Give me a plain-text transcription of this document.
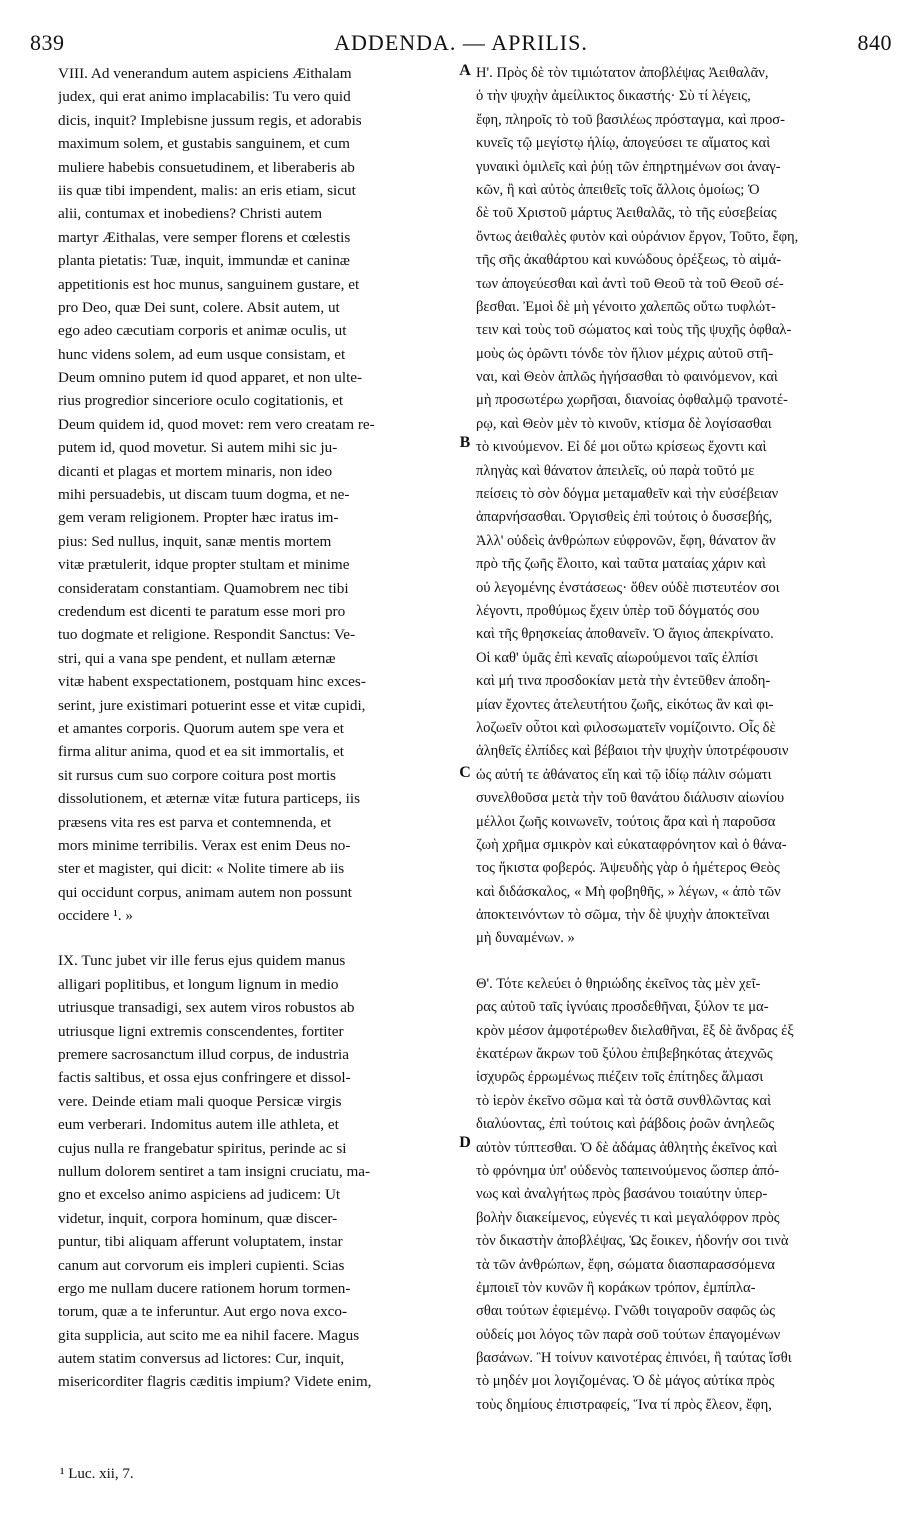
839	ADDENDA. — APRILIS.	840
VIII. Ad venerandum autem aspiciens Æithalam
judex, qui erat animo implacabilis: Tu vero quid
dicis, inquit? Implebisne jussum regis, et adorabis
maximum solem, et gustabis sanguinem, et cum
muliere habebis consuetudinem, et liberaberis ab
iis quæ tibi impendent, malis: an eris etiam, sicut
alii, contumax et inobediens? Christi autem
martyr Æithalas, vere semper florens et cœlestis
planta pietatis: Tuæ, inquit, immundæ et caninæ
appetitionis est hoc munus, sanguinem gustare, et
pro Deo, quæ Dei sunt, colere. Absit autem, ut
ego adeo cæcutiam corporis et animæ oculis, ut
hunc videns solem, ad eum usque consistam, et
Deum omnino putem id quod apparet, et non ulte-
rius progredior sinceriore oculo cogitationis, et
Deum quidem id, quod movet: rem vero creatam re-
putem id, quod movetur. Si autem mihi sic ju-
dicanti et plagas et mortem minaris, non ideo
mihi persuadebis, ut discam tuum dogma, et ne-
gem veram religionem. Propter hæc iratus im-
pius: Sed nullus, inquit, sanæ mentis mortem
vitæ prætulerit, idque propter stultam et minime
consideratam constantiam. Quamobrem nec tibi
credendum est dicenti te paratum esse mori pro
tuo dogmate et religione. Respondit Sanctus: Ve-
stri, qui a vana spe pendent, et nullam æternæ
vitæ habent exspectationem, postquam hinc exces-
serint, jure existimari potuerint esse et vitæ cupidi,
et amantes corporis. Quorum autem spe vera et
firma alitur anima, quod et ea sit immortalis, et
sit rursus cum suo corpore coitura post mortis
dissolutionem, et æternæ vitæ futura particeps, iis
præsens vita res est parva et contemnenda, et
mors minime terribilis. Verax est enim Deus no-
ster et magister, qui dicit: « Nolite timere ab iis
qui occidunt corpus, animam autem non possunt
occidere ¹. »
IX. Tunc jubet vir ille ferus ejus quidem manus
alligari poplitibus, et longum lignum in medio
utriusque transadigi, sex autem viros robustos ab
utriusque ligni extremis conscendentes, fortiter
premere sacrosanctum illud corpus, de industria
factis saltibus, et ossa ejus confringere et dissol-
vere. Deinde etiam mali quoque Persicæ virgis
eum verberari. Indomitus autem ille athleta, et
cujus nulla re frangebatur spiritus, perinde ac si
nullum dolorem sentiret a tam insigni cruciatu, ma-
gno et excelso animo aspiciens ad judicem: Ut
videtur, inquit, corpora hominum, quæ discer-
puntur, tibi aliquam afferunt voluptatem, instar
canum aut corvorum eis impleri cupienti. Scias
ergo me nullam ducere rationem horum tormen-
torum, quæ a te inferuntur. Aut ergo nova exco-
gita supplicia, aut scito me ea nihil facere. Magus
autem statim conversus ad lictores: Cur, inquit,
misericorditer flagris cæditis impium? Videte enim,
Η'. Πρὸς δὲ τὸν τιμιώτατον ἀποβλέψας Ἀειθαλᾶν,
ὁ τὴν ψυχὴν ἀμείλικτος δικαστής· Σὺ τί λέγεις,
ἔφη, πληροῖς τὸ τοῦ βασιλέως πρόσταγμα, καὶ προσ-
κυνεῖς τῷ μεγίστῳ ἡλίῳ, ἀπογεύσει τε αἵματος καὶ
γυναικὶ ὁμιλεῖς καὶ ῥύῃ τῶν ἐπηρτημένων σοι ἀναγ-
κῶν, ἢ καὶ αὐτὸς ἀπειθεῖς τοῖς ἄλλοις ὁμοίως; Ὁ
δὲ τοῦ Χριστοῦ μάρτυς Ἀειθαλᾶς, τὸ τῆς εὐσεβείας
ὄντως ἀειθαλὲς φυτὸν καὶ οὐράνιον ἔργον, Τοῦτο, ἔφη,
τῆς σῆς ἀκαθάρτου καὶ κυνώδους ὀρέξεως, τὸ αἱμά-
των ἀπογεύεσθαι καὶ ἀντὶ τοῦ Θεοῦ τὰ τοῦ Θεοῦ σέ-
βεσθαι. Ἐμοὶ δὲ μὴ γένοιτο χαλεπῶς οὕτω τυφλώτ-
τειν καὶ τοὺς τοῦ σώματος καὶ τοὺς τῆς ψυχῆς ὀφθαλ-
μοὺς ὡς ὁρῶντι τόνδε τὸν ἥλιον μέχρις αὐτοῦ στῆ-
ναι, καὶ Θεὸν ἁπλῶς ἡγήσασθαι τὸ φαινόμενον, καὶ
μὴ προσωτέρω χωρῆσαι, διανοίας ὀφθαλμῷ τρανοτέ-
ρῳ, καὶ Θεὸν μὲν τὸ κινοῦν, κτίσμα δὲ λογίσασθαι
τὸ κινούμενον. Εἰ δέ μοι οὕτω κρίσεως ἔχοντι καὶ
πληγὰς καὶ θάνατον ἀπειλεῖς, οὐ παρὰ τοῦτό με
πείσεις τὸ σὸν δόγμα μεταμαθεῖν καὶ τὴν εὐσέβειαν
ἀπαρνήσασθαι. Ὀργισθεὶς ἐπὶ τούτοις ὁ δυσσεβής,
Ἀλλ' οὐδεὶς ἀνθρώπων εὐφρονῶν, ἔφη, θάνατον ἂν
πρὸ τῆς ζωῆς ἕλοιτο, καὶ ταῦτα ματαίας χάριν καὶ
οὐ λεγομένης ἐνστάσεως· ὅθεν οὐδὲ πιστευτέον σοι
λέγοντι, προθύμως ἔχειν ὑπὲρ τοῦ δόγματός σου
καὶ τῆς θρησκείας ἀποθανεῖν. Ὁ ἅγιος ἀπεκρίνατο.
Οἱ καθ' ὑμᾶς ἐπὶ κεναῖς αἰωρούμενοι ταῖς ἐλπίσι
καὶ μή τινα προσδοκίαν μετὰ τὴν ἐντεῦθεν ἀποδη-
μίαν ἔχοντες ἀτελευτήτου ζωῆς, εἰκότως ἂν καὶ φι-
λοζωεῖν οὗτοι καὶ φιλοσωματεῖν νομίζοιντο. Οἷς δὲ
ἀληθεῖς ἐλπίδες καὶ βέβαιοι τὴν ψυχὴν ὑποτρέφουσιν
ὡς αὐτή τε ἀθάνατος εἴη καὶ τῷ ἰδίῳ πάλιν σώματι
συνελθοῦσα μετὰ τὴν τοῦ θανάτου διάλυσιν αἰωνίου
μέλλοι ζωῆς κοινωνεῖν, τούτοις ἄρα καὶ ἡ παροῦσα
ζωὴ χρῆμα σμικρὸν καὶ εὐκαταφρόνητον καὶ ὁ θάνα-
τος ἥκιστα φοβερός. Ἀψευδὴς γὰρ ὁ ἡμέτερος Θεὸς
καὶ διδάσκαλος, « Μὴ φοβηθῆς, » λέγων, « ἀπὸ τῶν
ἀποκτεινόντων τὸ σῶμα, τὴν δὲ ψυχὴν ἀποκτεῖναι
μὴ δυναμένων. »
Θ'. Τότε κελεύει ὁ θηριώδης ἐκεῖνος τὰς μὲν χεῖ-
ρας αὐτοῦ ταῖς ἰγνύαις προσδεθῆναι, ξύλον τε μα-
κρὸν μέσον ἀμφοτέρωθεν διελαθῆναι, ἓξ δὲ ἄνδρας ἐξ
ἑκατέρων ἄκρων τοῦ ξύλου ἐπιβεβηκότας ἀτεχνῶς
ἰσχυρῶς ἐρρωμένως πιέζειν τοῖς ἐπίτηδες ἅλμασι
τὸ ἱερὸν ἐκεῖνο σῶμα καὶ τὰ ὀστᾶ συνθλῶντας καὶ
διαλύοντας, ἐπὶ τούτοις καὶ ῥάβδοις ῥοῶν ἀνηλεῶς
αὐτὸν τύπτεσθαι. Ὁ δὲ ἀδάμας ἀθλητὴς ἐκεῖνος καὶ
τὸ φρόνημα ὑπ' οὐδενὸς ταπεινούμενος ὥσπερ ἀπό-
νως καὶ ἀναλγήτως πρὸς βασάνου τοιαύτην ὑπερ-
βολὴν διακείμενος, εὐγενές τι καὶ μεγαλόφρον πρὸς
τὸν δικαστὴν ἀποβλέψας, Ὡς ἔοικεν, ἡδονήν σοι τινὰ
τὰ τῶν ἀνθρώπων, ἔφη, σώματα διασπαρασσόμενα
ἐμποιεῖ τὸν κυνῶν ἢ κοράκων τρόπον, ἐμπίπλα-
σθαι τούτων ἐφιεμένῳ. Γνῶθι τοιγαροῦν σαφῶς ὡς
οὐδείς μοι λόγος τῶν παρὰ σοῦ τούτων ἐπαγομένων
βασάνων. Ἢ τοίνυν καινοτέρας ἐπινόει, ἢ ταύτας ἴσθι
τὸ μηδέν μοι λογιζομένας. Ὁ δὲ μάγος αὐτίκα πρὸς
τοὺς δημίους ἐπιστραφείς, Ἵνα τί πρὸς ἔλεον, ἔφη,
A
B
C
D
¹ Luc. xii, 7.
